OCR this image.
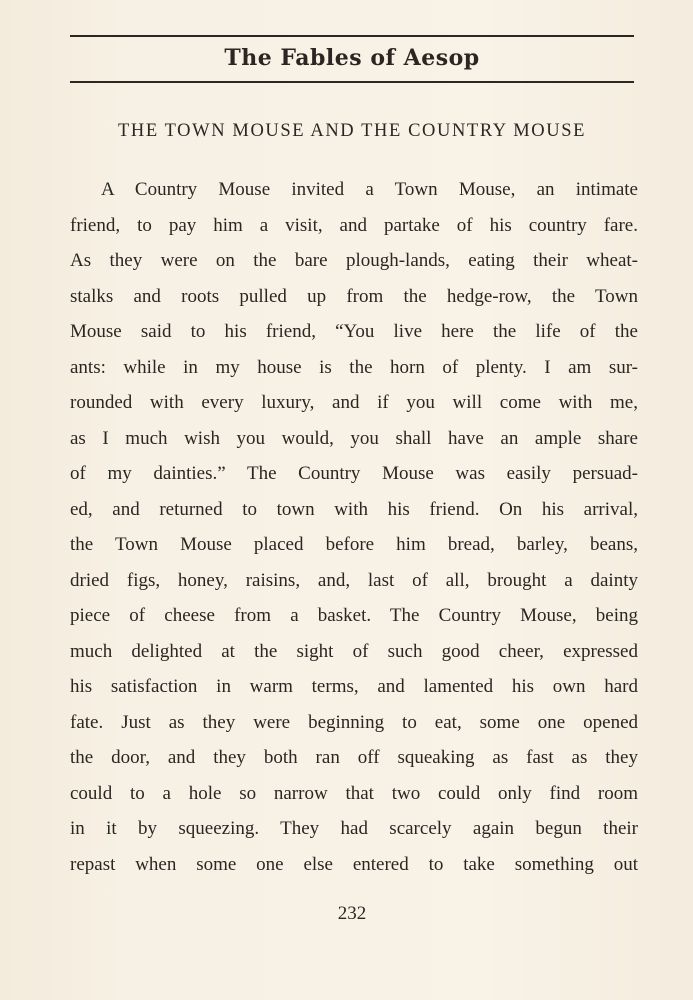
The Fables of Aesop
THE TOWN MOUSE AND THE COUNTRY MOUSE
A Country Mouse invited a Town Mouse, an intimate
friend, to pay him a visit, and partake of his country fare.
As they were on the bare plough-lands, eating their wheat-
stalks and roots pulled up from the hedge-row, the Town
Mouse said to his friend, “You live here the life of the
ants: while in my house is the horn of plenty. I am sur-
rounded with every luxury, and if you will come with me,
as I much wish you would, you shall have an ample share
of my dainties.” The Country Mouse was easily persuad-
ed, and returned to town with his friend. On his arrival,
the Town Mouse placed before him bread, barley, beans,
dried figs, honey, raisins, and, last of all, brought a dainty
piece of cheese from a basket. The Country Mouse, being
much delighted at the sight of such good cheer, expressed
his satisfaction in warm terms, and lamented his own hard
fate. Just as they were beginning to eat, some one opened
the door, and they both ran off squeaking as fast as they
could to a hole so narrow that two could only find room
in it by squeezing. They had scarcely again begun their
repast when some one else entered to take something out
232
